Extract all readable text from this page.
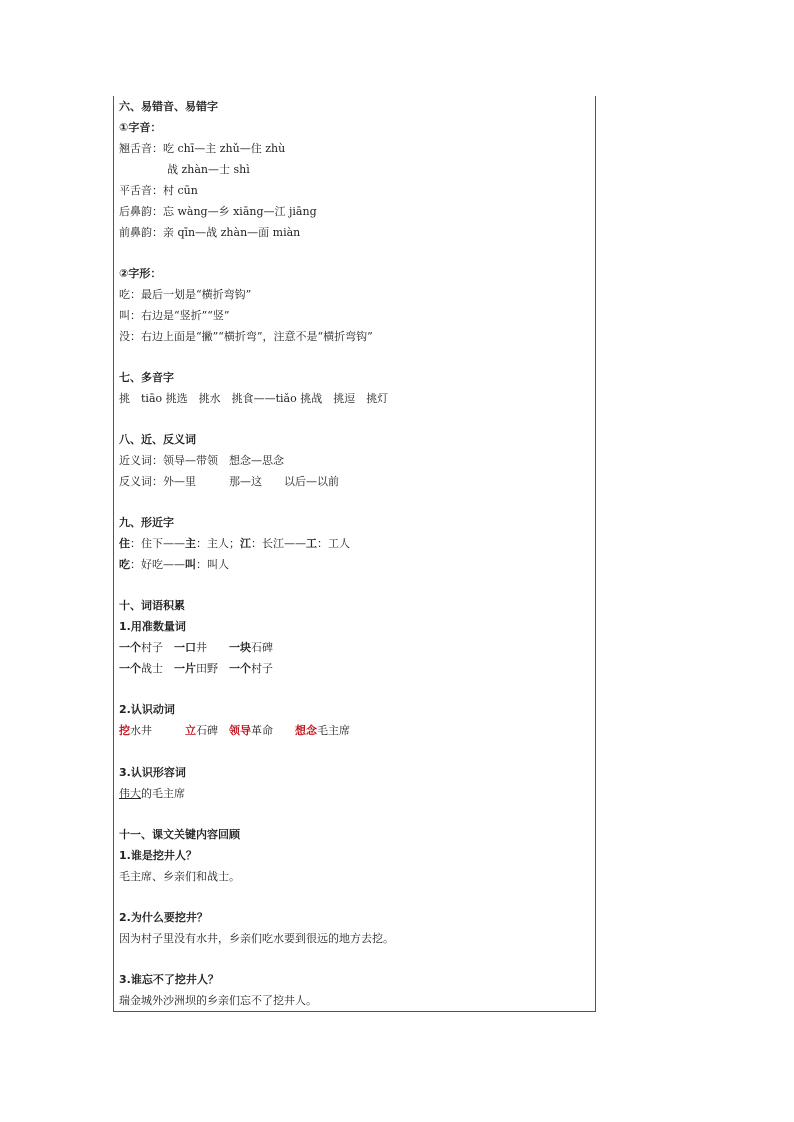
六、易错音、易错字
①字音：
翘舌音：吃 chī—主 zhǔ—住 zhù
战 zhàn—士 shì
平舌音：村 cūn
后鼻韵：忘 wàng—乡 xiāng—江 jiāng
前鼻韵：亲 qīn—战 zhàn—面 miàn
②字形：
吃：最后一划是“横折弯钩”
叫：右边是“竖折”“竖”
没：右边上面是“撇”“横折弯”，注意不是“横折弯钩”
七、多音字
挑　tiāo 挑选　挑水　挑食——tiǎo 挑战　挑逗　挑灯
八、近、反义词
近义词：领导—带领　想念—思念
反义词：外—里　　　那—这　　以后—以前
九、形近字
住：住下——主：主人；江：长江——工：工人
吃：好吃——叫：叫人
十、词语积累
1.用准数量词
一个村子　一口井　　一块石碑
一个战士　一片田野　一个村子
2.认识动词
挖水井　　　立石碑　领导革命　　想念毛主席
3.认识形容词
伟大的毛主席
十一、课文关键内容回顾
1.谁是挖井人？
毛主席、乡亲们和战士。
2.为什么要挖井？
因为村子里没有水井，乡亲们吃水要到很远的地方去挖。
3.谁忘不了挖井人？
瑞金城外沙洲坝的乡亲们忘不了挖井人。
